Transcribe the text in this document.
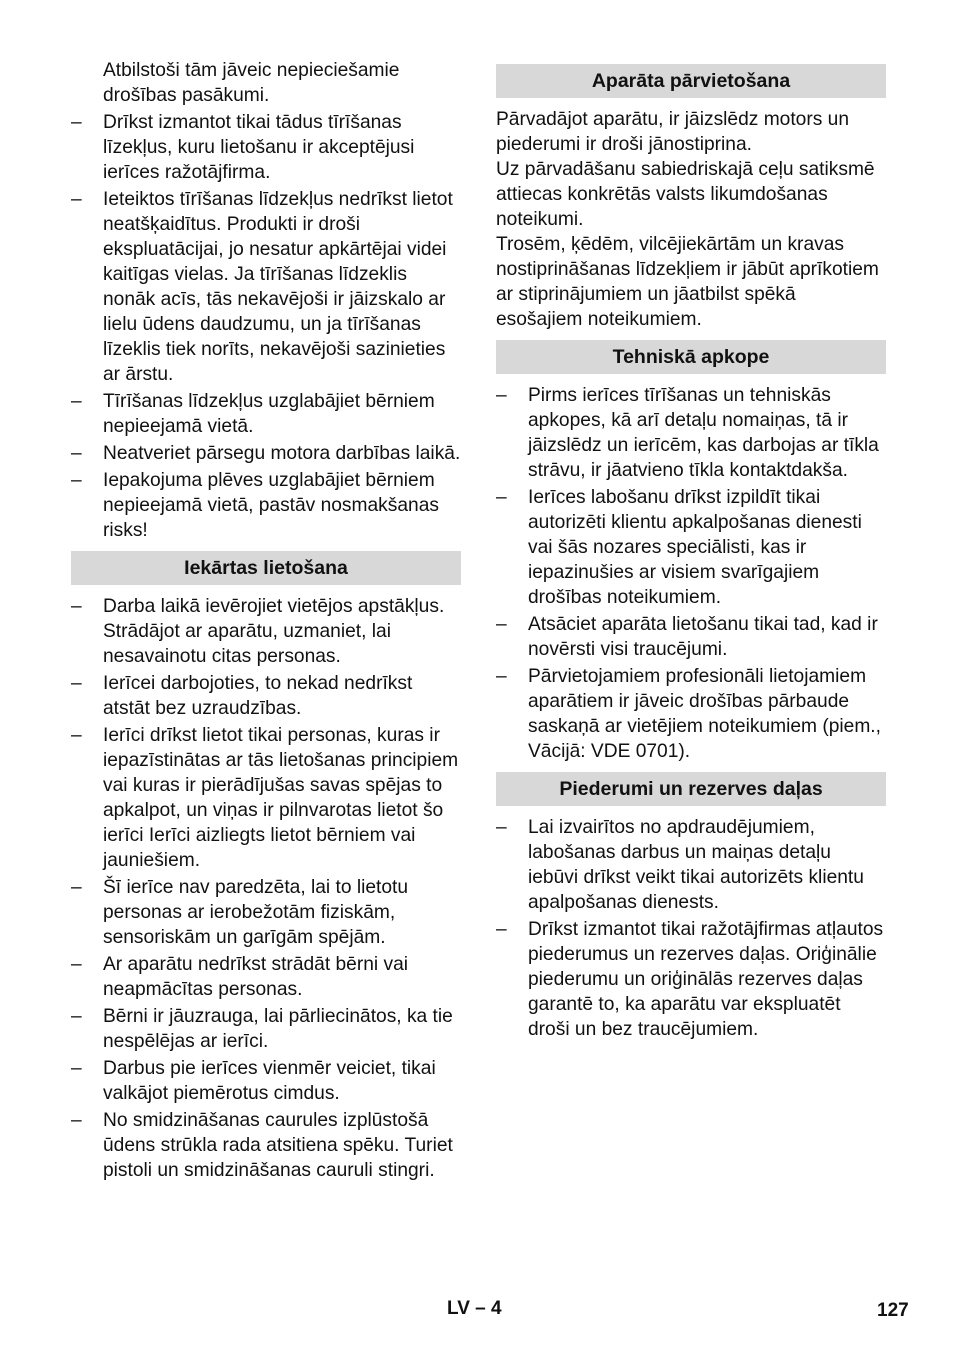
Atbilstoši tām jāveic nepieciešamie drošības pasākumi.

– Drīkst izmantot tikai tādus tīrīšanas līzekļus, kuru lietošanu ir akceptējusi ierīces ražotājfirma.
– Ieteiktos tīrīšanas līdzekļus nedrīkst lietot neatšķaidītus. Produkti ir droši ekspluatācijai, jo nesatur apkārtējai videi kaitīgas vielas. Ja tīrīšanas līdzeklis nonāk acīs, tās nekavējoši ir jāizskalo ar lielu ūdens daudzumu, un ja tīrīšanas līzeklis tiek norīts, nekavējoši sazinieties ar ārstu.
– Tīrīšanas līdzekļus uzglabājiet bērniem nepieejamā vietā.
– Neatveriet pārsegu motora darbības laikā.
– Iepakojuma plēves uzglabājiet bērniem nepieejamā vietā, pastāv nosmakšanas risks!
Iekārtas lietošana
– Darba laikā ievērojiet vietējos apstākļus. Strādājot ar aparātu, uzmaniet, lai nesavainotu citas personas.
– Ierīcei darbojoties, to nekad nedrīkst atstāt bez uzraudzības.
– Ierīci drīkst lietot tikai personas, kuras ir iepazīstinātas ar tās lietošanas principiem vai kuras ir pierādījušas savas spējas to apkalpot, un viņas ir pilnvarotas lietot šo ierīci Ierīci aizliegts lietot bērniem vai jauniešiem.
– Šī ierīce nav paredzēta, lai to lietotu personas ar ierobežotām fiziskām, sensoriskām un garīgām spējām.
– Ar aparātu nedrīkst strādāt bērni vai neapmācītas personas.
– Bērni ir jāuzrauga, lai pārliecinātos, ka tie nespēlējas ar ierīci.
– Darbus pie ierīces vienmēr veiciet, tikai valkājot piemērotus cimdus.
– No smidzināšanas caurules izplūstošā ūdens strūkla rada atsitiena spēku. Turiet pistoli un smidzināšanas cauruli stingri.
Aparāta pārvietošana

Pārvadājot aparātu, ir jāizslēdz motors un piederumi ir droši jānostiprina.

Uz pārvadāšanu sabiedriskajā ceļu satiksmē attiecas konkrētās valsts likumdošanas noteikumi.

Trosēm, ķēdēm, vilcējiekārtām un kravas nostiprināšanas līdzekļiem ir jābūt aprīkotiem ar stiprinājumiem un jāatbilst spēkā esošajiem noteikumiem.

Tehniskā apkope
– Pirms ierīces tīrīšanas un tehniskās apkopes, kā arī detaļu nomaiņas, tā ir jāizslēdz un ierīcēm, kas darbojas ar tīkla strāvu, ir jāatvieno tīkla kontaktdakša.
– Ierīces labošanu drīkst izpildīt tikai autorizēti klientu apkalpošanas dienesti vai šās nozares speciālisti, kas ir iepazinušies ar visiem svarīgajiem drošības noteikumiem.
– Atsāciet aparāta lietošanu tikai tad, kad ir novērsti visi traucējumi.
– Pārvietojamiem profesionāli lietojamiem aparātiem ir jāveic drošības pārbaude saskaņā ar vietējiem noteikumiem (piem., Vācijā: VDE 0701).
Piederumi un rezerves daļas
– Lai izvairītos no apdraudējumiem, labošanas darbus un maiņas detaļu iebūvi drīkst veikt tikai autorizēts klientu apalpošanas dienests.
– Drīkst izmantot tikai ražotājfirmas atļautos piederumus un rezerves daļas. Oriģinālie piederumu un oriģinālās rezerves daļas garantē to, ka aparātu var ekspluatēt droši un bez traucējumiem.
LV – 4	127
